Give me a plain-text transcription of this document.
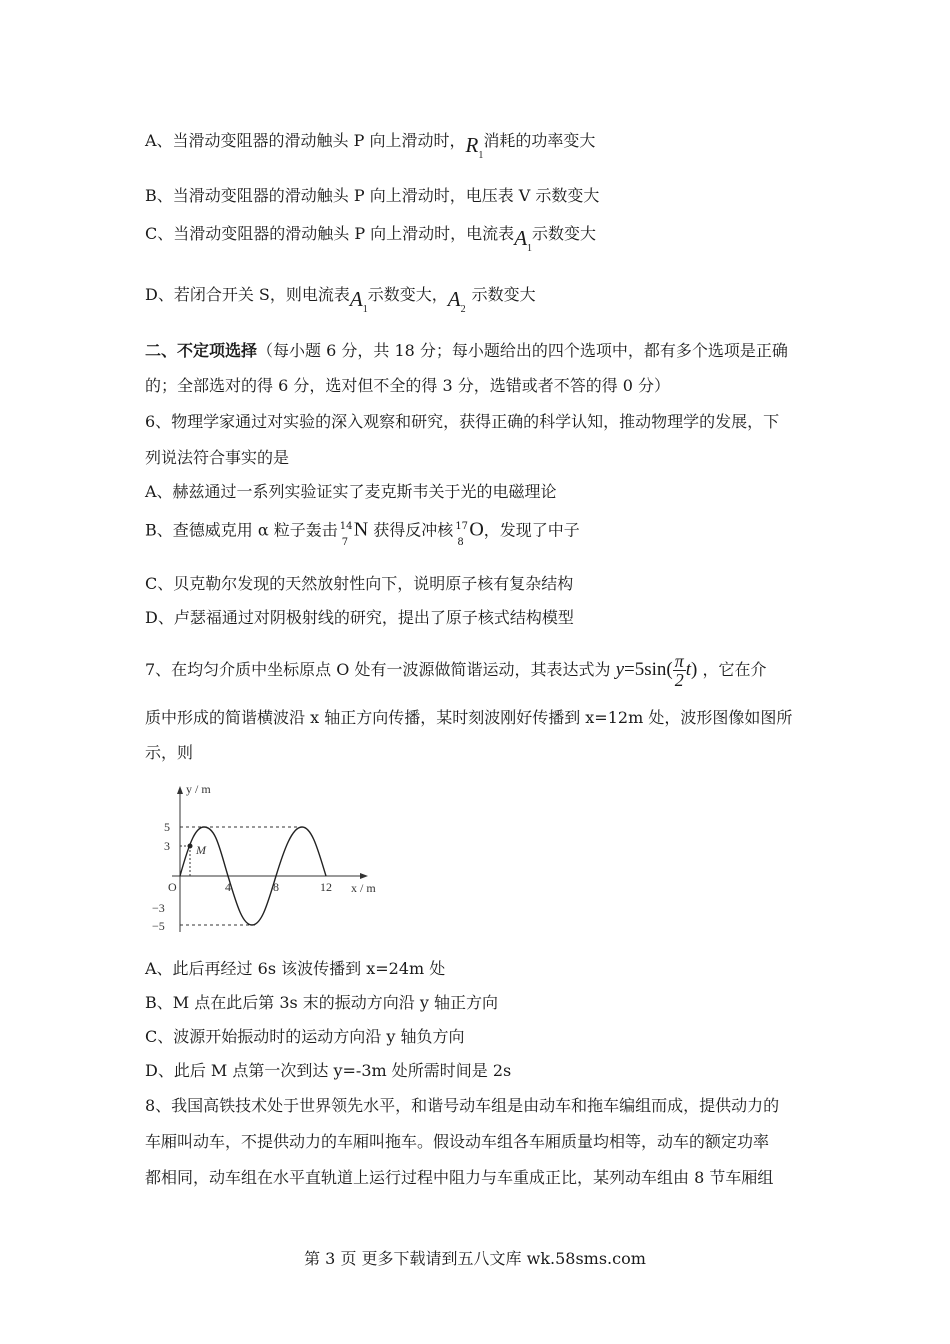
A、当滑动变阻器的滑动触头 P 向上滑动时，$R_1$消耗的功率变大
B、当滑动变阻器的滑动触头 P 向上滑动时，电压表 V 示数变大
C、当滑动变阻器的滑动触头 P 向上滑动时，电流表$A_1$示数变大
D、若闭合开关 S，则电流表$A_1$示数变大，$A_2$示数变大
二、不定项选择（每小题 6 分，共 18 分；每小题给出的四个选项中，都有多个选项是正确
的；全部选对的得 6 分，选对但不全的得 3 分，选错或者不答的得 0 分）
6、物理学家通过对实验的深入观察和研究，获得正确的科学认知，推动物理学的发展，下
列说法符合事实的是
A、赫兹通过一系列实验证实了麦克斯韦关于光的电磁理论
B、查德威克用 α 粒子轰击 14
7
N 获得反冲核 17
8
O，发现了中子
C、贝克勒尔发现的天然放射性向下，说明原子核有复杂结构
D、卢瑟福通过对阴极射线的研究，提出了原子核式结构模型
7、在均匀介质中坐标原点 O 处有一波源做简谐运动，其表达式为 $y=5\sin( \frac{\pi}{2} t)$ ，它在介
质中形成的简谐横波沿 x 轴正方向传播，某时刻波刚好传播到 x=12m 处，波形图像如图所
示，则
y / m
x / m
O
5
3
−3
−5
4	8	12
M
A、此后再经过 6s 该波传播到 x=24m 处
B、M 点在此后第 3s 末的振动方向沿 y 轴正方向
C、波源开始振动时的运动方向沿 y 轴负方向
D、此后 M 点第一次到达 y=-3m 处所需时间是 2s
8、我国高铁技术处于世界领先水平，和谐号动车组是由动车和拖车编组而成，提供动力的
车厢叫动车，不提供动力的车厢叫拖车。假设动车组各车厢质量均相等，动车的额定功率
都相同，动车组在水平直轨道上运行过程中阻力与车重成正比，某列动车组由 8 节车厢组
第 3 页 更多下载请到五八文库 wk.58sms.com
